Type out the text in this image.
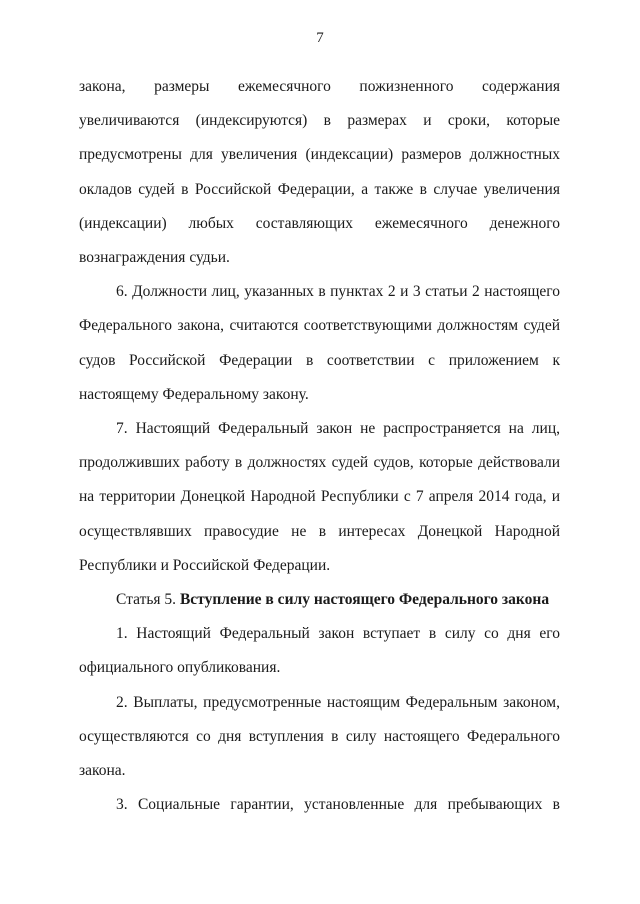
7

закона, размеры ежемесячного пожизненного содержания увеличиваются (индексируются) в размерах и сроки, которые предусмотрены для увеличения (индексации) размеров должностных окладов судей в Российской Федерации, а также в случае увеличения (индексации) любых составляющих ежемесячного денежного вознаграждения судьи.

6. Должности лиц, указанных в пунктах 2 и 3 статьи 2 настоящего Федерального закона, считаются соответствующими должностям судей судов Российской Федерации в соответствии с приложением к настоящему Федеральному закону.

7. Настоящий Федеральный закон не распространяется на лиц, продолживших работу в должностях судей судов, которые действовали на территории Донецкой Народной Республики с 7 апреля 2014 года, и осуществлявших правосудие не в интересах Донецкой Народной Республики и Российской Федерации.

Статья 5. Вступление в силу настоящего Федерального закона

1. Настоящий Федеральный закон вступает в силу со дня его официального опубликования.

2. Выплаты, предусмотренные настоящим Федеральным законом, осуществляются со дня вступления в силу настоящего Федерального закона.

3. Социальные гарантии, установленные для пребывающих в
